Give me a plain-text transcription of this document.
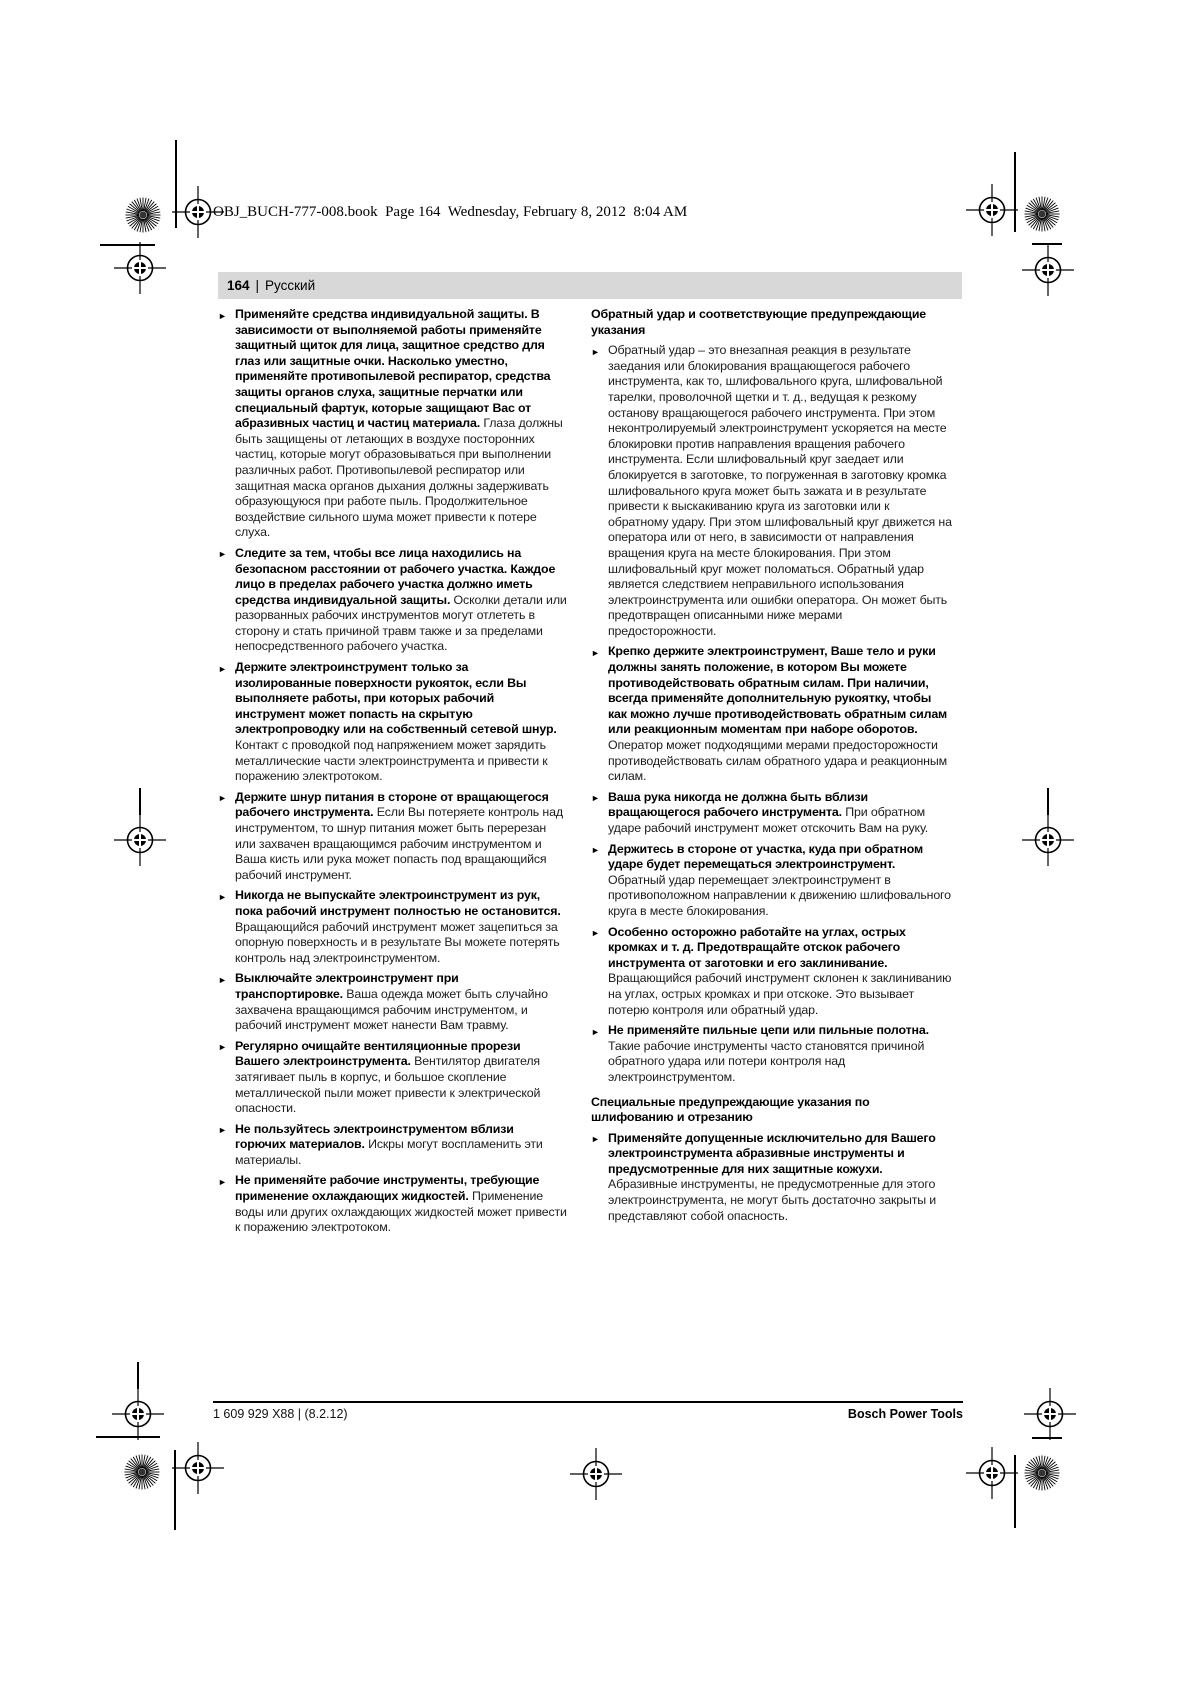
OBJ_BUCH-777-008.book  Page 164  Wednesday, February 8, 2012  8:04 AM
164 | Русский
► Применяйте средства индивидуальной защиты. В зависимости от выполняемой работы применяйте защитный щиток для лица, защитное средство для глаз или защитные очки. Насколько уместно, применяйте противопылевой респиратор, средства защиты органов слуха, защитные перчатки или специальный фартук, которые защищают Вас от абразивных частиц и частиц материала. Глаза должны быть защищены от летающих в воздухе посторонних частиц, которые могут образовываться при выполнении различных работ. Противопылевой респиратор или защитная маска органов дыхания должны задерживать образующуюся при работе пыль. Продолжительное воздействие сильного шума может привести к потере слуха.
► Следите за тем, чтобы все лица находились на безопасном расстоянии от рабочего участка. Каждое лицо в пределах рабочего участка должно иметь средства индивидуальной защиты. Осколки детали или разорванных рабочих инструментов могут отлететь в сторону и стать причиной травм также и за пределами непосредственного рабочего участка.
► Держите электроинструмент только за изолированные поверхности рукояток, если Вы выполняете работы, при которых рабочий инструмент может попасть на скрытую электропроводку или на собственный сетевой шнур. Контакт с проводкой под напряжением может зарядить металлические части электроинструмента и привести к поражению электротоком.
► Держите шнур питания в стороне от вращающегося рабочего инструмента. Если Вы потеряете контроль над инструментом, то шнур питания может быть перерезан или захвачен вращающимся рабочим инструментом и Ваша кисть или рука может попасть под вращающийся рабочий инструмент.
► Никогда не выпускайте электроинструмент из рук, пока рабочий инструмент полностью не остановится. Вращающийся рабочий инструмент может зацепиться за опорную поверхность и в результате Вы можете потерять контроль над электроинструментом.
► Выключайте электроинструмент при транспортировке. Ваша одежда может быть случайно захвачена вращающимся рабочим инструментом, и рабочий инструмент может нанести Вам травму.
► Регулярно очищайте вентиляционные прорези Вашего электроинструмента. Вентилятор двигателя затягивает пыль в корпус, и большое скопление металлической пыли может привести к электрической опасности.
► Не пользуйтесь электроинструментом вблизи горючих материалов. Искры могут воспламенить эти материалы.
► Не применяйте рабочие инструменты, требующие применение охлаждающих жидкостей. Применение воды или других охлаждающих жидкостей может привести к поражению электротоком.
Обратный удар и соответствующие предупреждающие указания
► Обратный удар – это внезапная реакция в результате заедания или блокирования вращающегося рабочего инструмента, как то, шлифовального круга, шлифовальной тарелки, проволочной щетки и т. д., ведущая к резкому останову вращающегося рабочего инструмента. При этом неконтролируемый электроинструмент ускоряется на месте блокировки против направления вращения рабочего инструмента. Если шлифовальный круг заедает или блокируется в заготовке, то погруженная в заготовку кромка шлифовального круга может быть зажата и в результате привести к выскакиванию круга из заготовки или к обратному удару. При этом шлифовальный круг движется на оператора или от него, в зависимости от направления вращения круга на месте блокирования. При этом шлифовальный круг может поломаться. Обратный удар является следствием неправильного использования электроинструмента или ошибки оператора. Он может быть предотвращен описанными ниже мерами предосторожности.
► Крепко держите электроинструмент, Ваше тело и руки должны занять положение, в котором Вы можете противодействовать обратным силам. При наличии, всегда применяйте дополнительную рукоятку, чтобы как можно лучше противодействовать обратным силам или реакционным моментам при наборе оборотов. Оператор может подходящими мерами предосторожности противодействовать силам обратного удара и реакционным силам.
► Ваша рука никогда не должна быть вблизи вращающегося рабочего инструмента. При обратном ударе рабочий инструмент может отскочить Вам на руку.
► Держитесь в стороне от участка, куда при обратном ударе будет перемещаться электроинструмент. Обратный удар перемещает электроинструмент в противоположном направлении к движению шлифовального круга в месте блокирования.
► Особенно осторожно работайте на углах, острых кромках и т. д. Предотвращайте отскок рабочего инструмента от заготовки и его заклинивание. Вращающийся рабочий инструмент склонен к заклиниванию на углах, острых кромках и при отскоке. Это вызывает потерю контроля или обратный удар.
► Не применяйте пильные цепи или пильные полотна. Такие рабочие инструменты часто становятся причиной обратного удара или потери контроля над электроинструментом.
Специальные предупреждающие указания по шлифованию и отрезанию
► Применяйте допущенные исключительно для Вашего электроинструмента абразивные инструменты и предусмотренные для них защитные кожухи. Абразивные инструменты, не предусмотренные для этого электроинструмента, не могут быть достаточно закрыты и представляют собой опасность.
1 609 929 X88 | (8.2.12)	Bosch Power Tools
